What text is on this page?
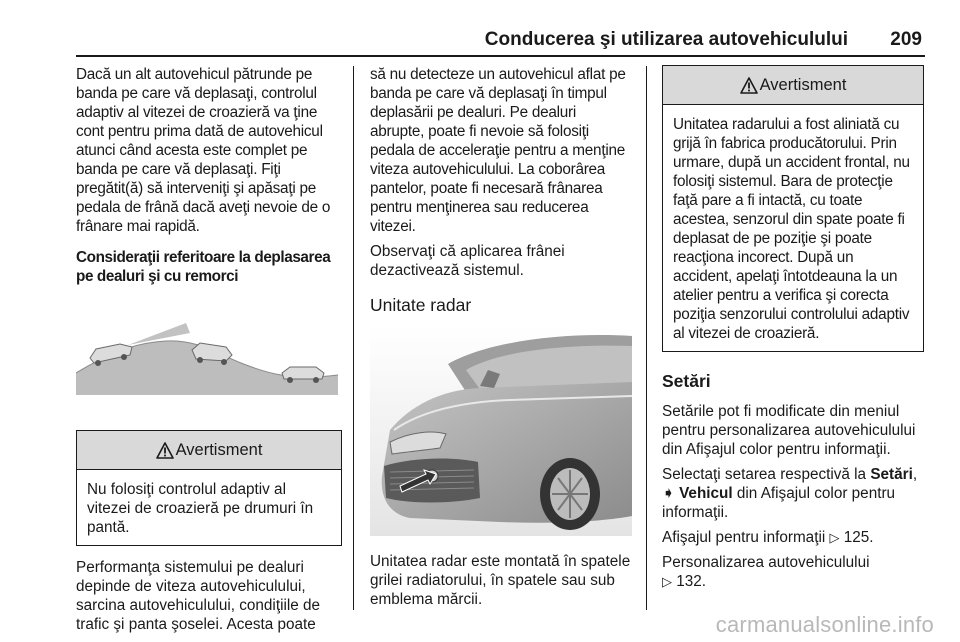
Conducerea şi utilizarea autovehiculului 209

Dacă un alt autovehicul pătrunde pe banda pe care vă deplasaţi, controlul adaptiv al vitezei de croazieră va ţine cont pentru prima dată de autovehicul atunci când acesta este complet pe banda pe care vă deplasaţi. Fiţi pregătit(ă) să interveniţi şi apăsaţi pe pedala de frână dacă aveţi nevoie de o frânare mai rapidă.

Consideraţii referitoare la deplasarea pe dealuri şi cu remorci

Avertisment
Nu folosiţi controlul adaptiv al vitezei de croazieră pe drumuri în pantă.

Performanţa sistemului pe dealuri depinde de viteza autovehiculului, sarcina autovehiculului, condiţiile de trafic şi panta şoselei. Acesta poate

să nu detecteze un autovehicul aflat pe banda pe care vă deplasaţi în timpul deplasării pe dealuri. Pe dealuri abrupte, poate fi nevoie să folosiţi pedala de acceleraţie pentru a menţine viteza autovehiculului. La coborârea pantelor, poate fi necesară frânarea pentru menţinerea sau reducerea vitezei.

Observaţi că aplicarea frânei dezactivează sistemul.

Unitate radar

Unitatea radar este montată în spatele grilei radiatorului, în spatele sau sub emblema mărcii.

Avertisment
Unitatea radarului a fost aliniată cu grijă în fabrica producătorului. Prin urmare, după un accident frontal, nu folosiţi sistemul. Bara de protecţie faţă pare a fi intactă, cu toate acestea, senzorul din spate poate fi deplasat de pe poziţie şi poate reacţiona incorect. După un accident, apelaţi întotdeauna la un atelier pentru a verifica şi corecta poziţia senzorului controlului adaptiv al vitezei de croazieră.

Setări

Setările pot fi modificate din meniul pentru personalizarea autovehiculului din Afişajul color pentru informaţii.

Selectaţi setarea respectivă la Setări,
➧ Vehicul din Afişajul color pentru informaţii.

Afişajul pentru informaţii ▷ 125.

Personalizarea autovehiculului
▷ 132.

carmanualsonline.info
